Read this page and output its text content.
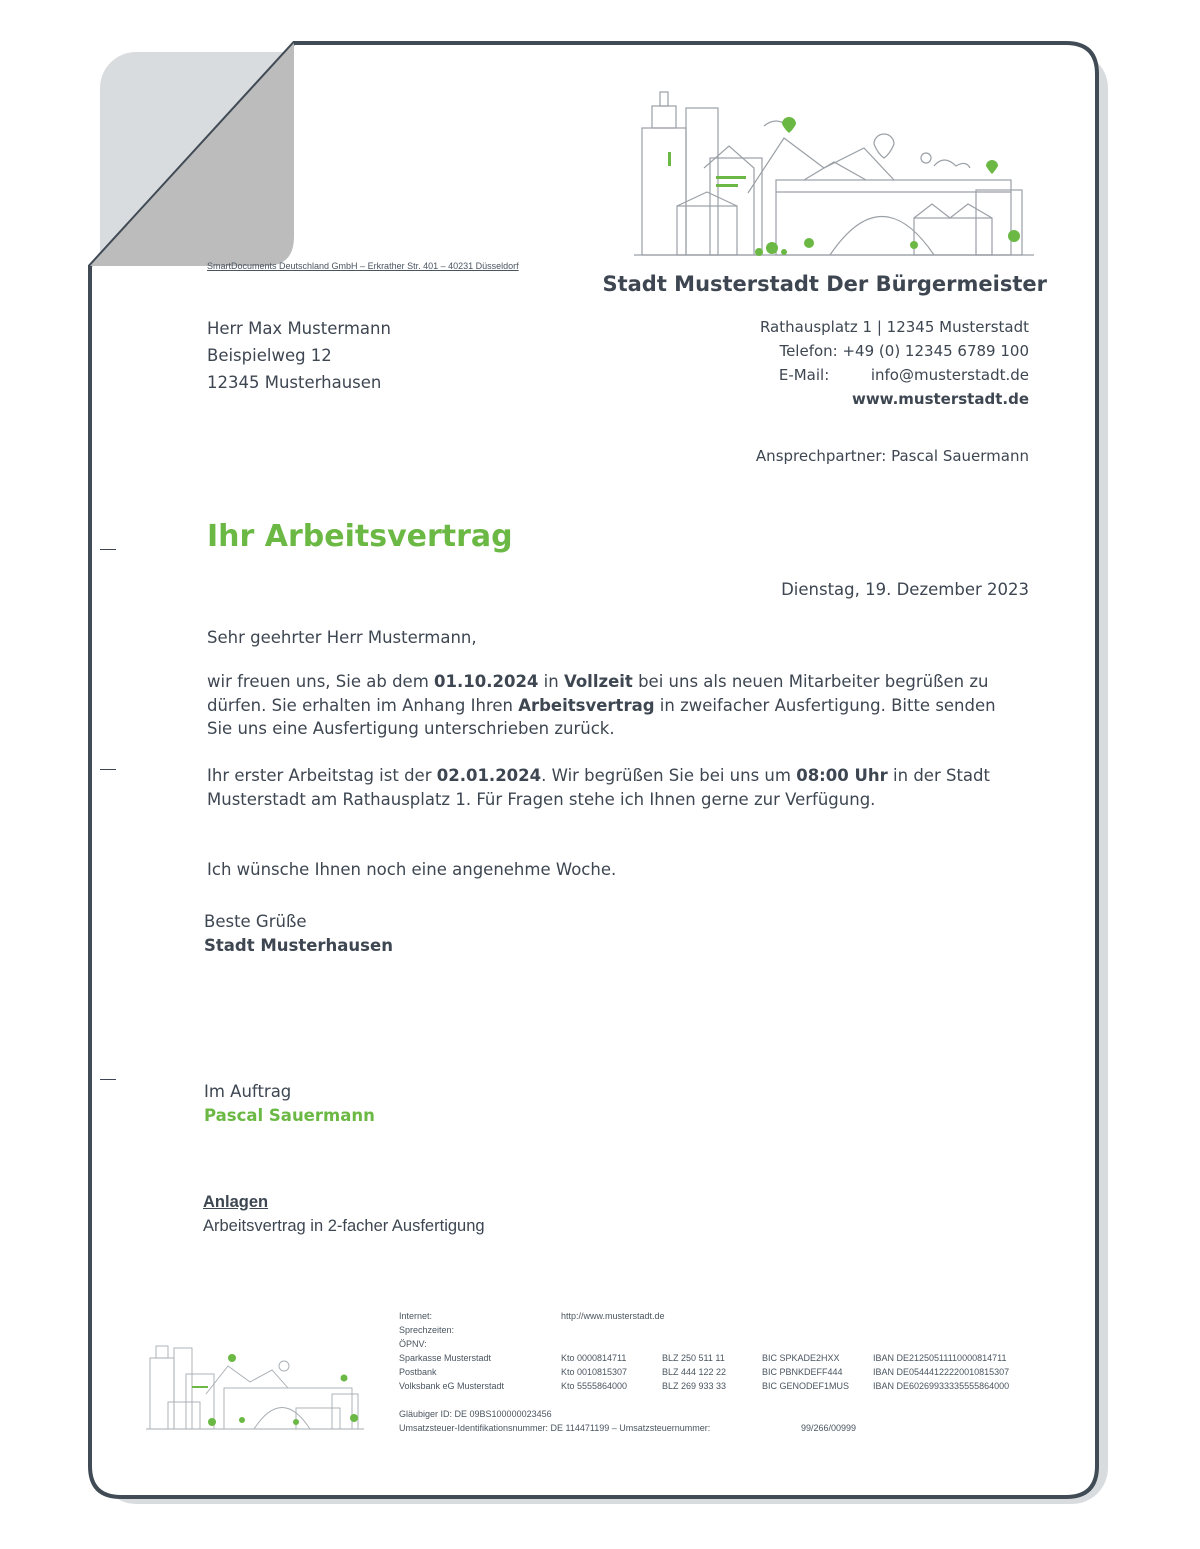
SmartDocuments Deutschland GmbH – Erkrather Str. 401 – 40231 Düsseldorf
Stadt Musterstadt Der Bürgermeister
Herr Max Mustermann
Beispielweg 12
12345 Musterhausen
Rathausplatz 1 | 12345 Musterstadt
Telefon: +49 (0) 12345 6789 100
E-Mail:	info@musterstadt.de
www.musterstadt.de
Ansprechpartner: Pascal Sauermann
Ihr Arbeitsvertrag
Dienstag, 19. Dezember 2023
Sehr geehrter Herr Mustermann,
wir freuen uns, Sie ab dem 01.10.2024 in Vollzeit bei uns als neuen Mitarbeiter begrüßen zu dürfen. Sie erhalten im Anhang Ihren Arbeitsvertrag in zweifacher Ausfertigung. Bitte senden Sie uns eine Ausfertigung unterschrieben zurück.
Ihr erster Arbeitstag ist der 02.01.2024. Wir begrüßen Sie bei uns um 08:00 Uhr in der Stadt Musterstadt am Rathausplatz 1. Für Fragen stehe ich Ihnen gerne zur Verfügung.
Ich wünsche Ihnen noch eine angenehme Woche.
Beste Grüße
Stadt Musterhausen
Im Auftrag
Pascal Sauermann
Anlagen
Arbeitsvertrag in 2-facher Ausfertigung
Internet:	http://www.musterstadt.de
Sprechzeiten:
ÖPNV:
Sparkasse Musterstadt	Kto 0000814711	BLZ 250 511 11	BIC SPKADE2HXX	IBAN DE21250511110000814711
Postbank	Kto 0010815307	BLZ 444 122 22	BIC PBNKDEFF444	IBAN DE05444122220010815307
Volksbank eG Musterstadt	Kto 5555864000	BLZ 269 933 33	BIC GENODEF1MUS	IBAN DE60269933335555864000
Gläubiger ID: DE 09BS100000023456
Umsatzsteuer-Identifikationsnummer: DE 114471199 – Umsatzsteuernummer:	99/266/00999
